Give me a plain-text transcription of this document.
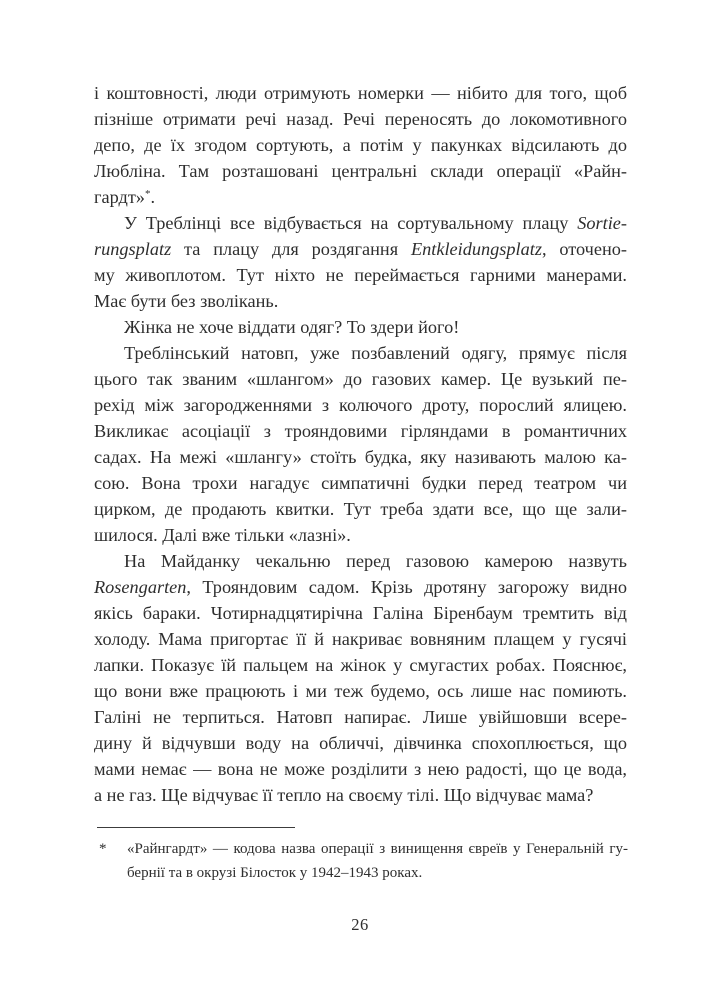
і коштовності, люди отримують номерки — нібито для того, щоб
пізніше отримати речі назад. Речі переносять до локомотивного
депо, де їх згодом сортують, а потім у пакунках відсилають до
Любліна. Там розташовані центральні склади операції «Райн-
гардт»*.
У Треблінці все відбувається на сортувальному плацу Sortie-
rungsplatz та плацу для роздягання Entkleidungsplatz, оточено-
му живоплотом. Тут ніхто не переймається гарними манерами.
Має бути без зволікань.
Жінка не хоче віддати одяг? То здери його!
Треблінський натовп, уже позбавлений одягу, прямує після
цього так званим «шлангом» до газових камер. Це вузький пе-
рехід між загородженнями з колючого дроту, порослий ялицею.
Викликає асоціації з трояндовими гірляндами в романтичних
садах. На межі «шлангу» стоїть будка, яку називають малою ка-
сою. Вона трохи нагадує симпатичні будки перед театром чи
цирком, де продають квитки. Тут треба здати все, що ще зали-
шилося. Далі вже тільки «лазні».
На Майданку чекальню перед газовою камерою назвуть
Rosengarten, Трояндовим садом. Крізь дротяну загорожу видно
якісь бараки. Чотирнадцятирічна Галіна Біренбаум тремтить від
холоду. Мама пригортає її й накриває вовняним плащем у гусячі
лапки. Показує їй пальцем на жінок у смугастих робах. Пояснює,
що вони вже працюють і ми теж будемо, ось лише нас помиють.
Галіні не терпиться. Натовп напирає. Лише увійшовши всере-
дину й відчувши воду на обличчі, дівчинка спохоплюється, що
мами немає — вона не може розділити з нею радості, що це вода,
а не газ. Ще відчуває її тепло на своєму тілі. Що відчуває мама?
* «Райнгардт» — кодова назва операції з винищення євреїв у Генеральній гу-
бернії та в окрузі Білосток у 1942–1943 роках.
26
